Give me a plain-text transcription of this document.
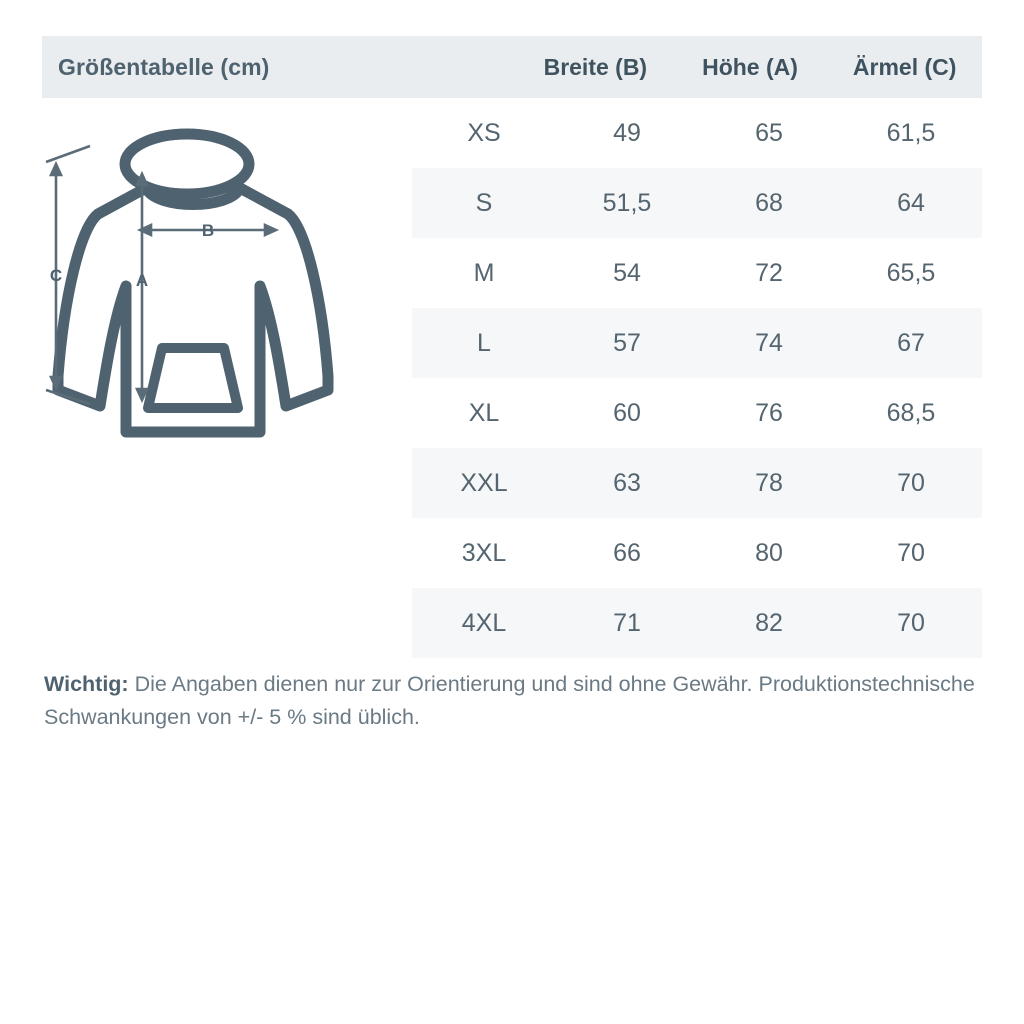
Größentabelle (cm)	Breite (B)	Höhe (A)	Ärmel (C)
XS	49	65	61,5
S	51,5	68	64
M	54	72	65,5
L	57	74	67
XL	60	76	68,5
XXL	63	78	70
3XL	66	80	70
4XL	71	82	70
B
A
C
Wichtig: Die Angaben dienen nur zur Orientierung und sind ohne Gewähr. Produktionstechnische Schwankungen von +/- 5 % sind üblich.
